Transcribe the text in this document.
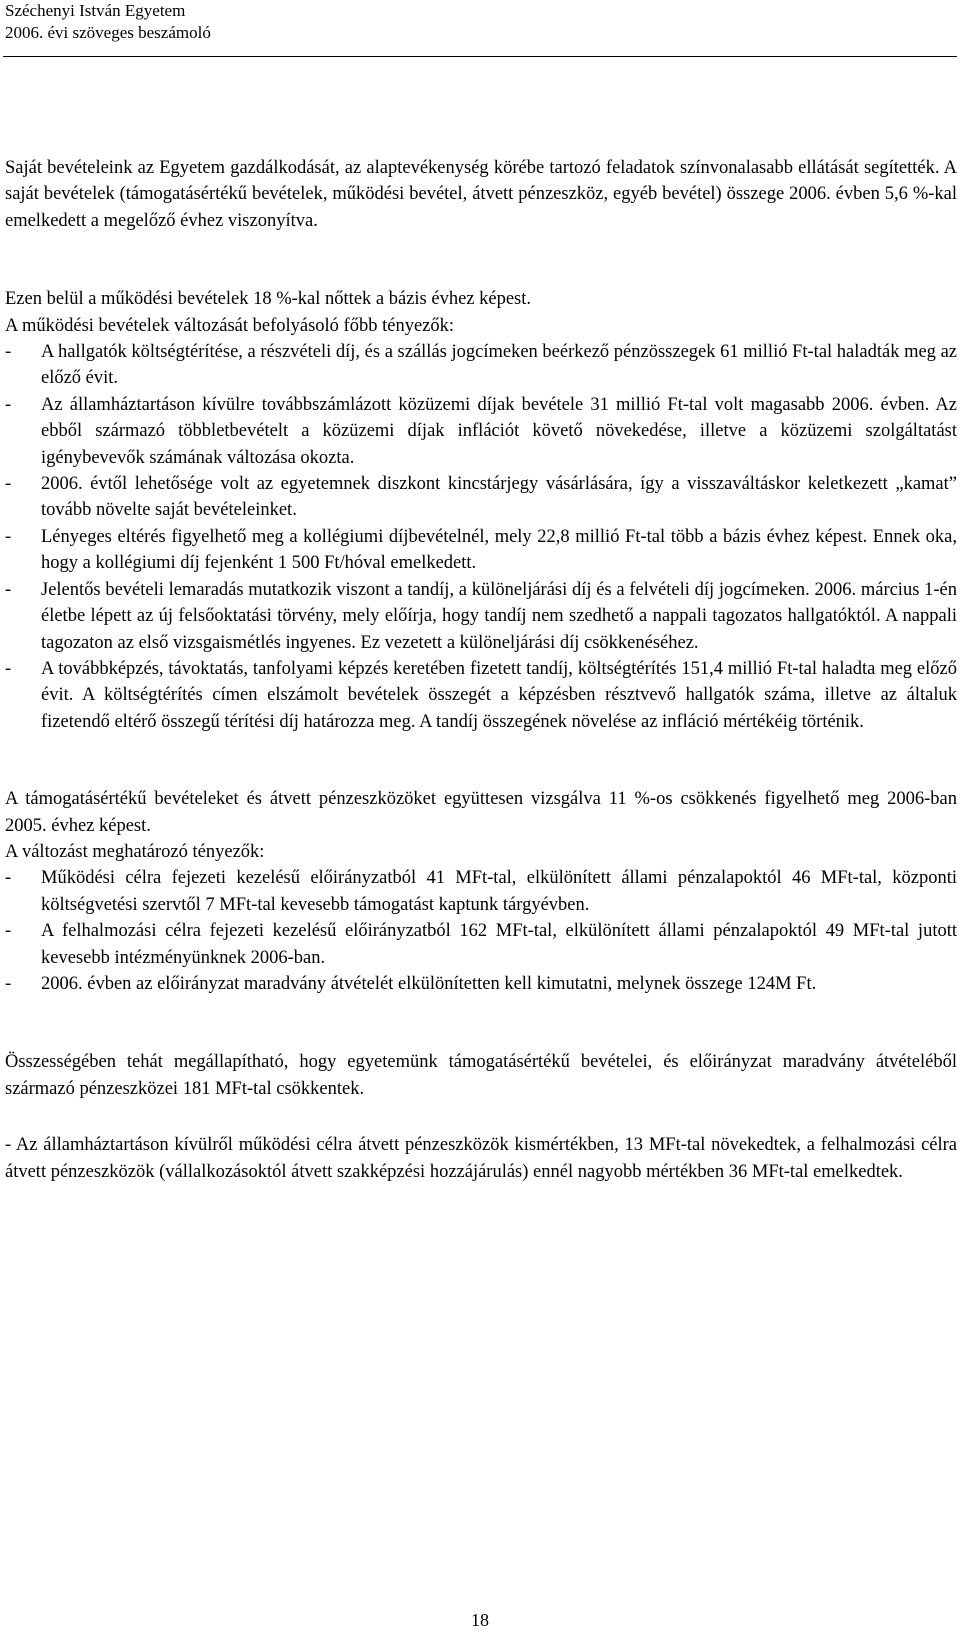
Széchenyi István Egyetem
2006. évi szöveges beszámoló

Saját bevételeink az Egyetem gazdálkodását, az alaptevékenység körébe tartozó feladatok színvonalasabb ellátását segítették. A saját bevételek (támogatásértékű bevételek, működési bevétel, átvett pénzeszköz, egyéb bevétel) összege 2006. évben 5,6 %-kal emelkedett a megelőző évhez viszonyítva.

Ezen belül a működési bevételek 18 %-kal nőttek a bázis évhez képest.

A működési bevételek változását befolyásoló főbb tényezők:

-	A hallgatók költségtérítése, a részvételi díj, és a szállás jogcímeken beérkező pénzösszegek 61 millió Ft-tal haladták meg az előző évit.
-	Az államháztartáson kívülre továbbszámlázott közüzemi díjak bevétele 31 millió Ft-tal volt magasabb 2006. évben. Az ebből származó többletbevételt a közüzemi díjak inflációt követő növekedése, illetve a közüzemi szolgáltatást igénybevevők számának változása okozta.
-	2006. évtől lehetősége volt az egyetemnek diszkont kincstárjegy vásárlására, így a visszaváltáskor keletkezett „kamat” tovább növelte saját bevételeinket.
-	Lényeges eltérés figyelhető meg a kollégiumi díjbevételnél, mely 22,8 millió Ft-tal több a bázis évhez képest. Ennek oka, hogy a kollégiumi díj fejenként 1 500 Ft/hóval emelkedett.
-	Jelentős bevételi lemaradás mutatkozik viszont a tandíj, a különeljárási díj és a felvételi díj jogcímeken. 2006. március 1-én életbe lépett az új felsőoktatási törvény, mely előírja, hogy tandíj nem szedhető a nappali tagozatos hallgatóktól. A nappali tagozaton az első vizsgaismétlés ingyenes. Ez vezetett a különeljárási díj csökkenéséhez.
-	A továbbképzés, távoktatás, tanfolyami képzés keretében fizetett tandíj, költségtérítés 151,4 millió Ft-tal haladta meg előző évit. A költségtérítés címen elszámolt bevételek összegét a képzésben résztvevő hallgatók száma, illetve az általuk fizetendő eltérő összegű térítési díj határozza meg. A tandíj összegének növelése az infláció mértékéig történik.

A támogatásértékű bevételeket és átvett pénzeszközöket együttesen vizsgálva 11 %-os csökkenés figyelhető meg 2006-ban 2005. évhez képest.

A változást meghatározó tényezők:

-	Működési célra fejezeti kezelésű előirányzatból 41 MFt-tal, elkülönített állami pénzalapoktól 46 MFt-tal, központi költségvetési szervtől 7 MFt-tal kevesebb támogatást kaptunk tárgyévben.
-	A felhalmozási célra fejezeti kezelésű előirányzatból 162 MFt-tal, elkülönített állami pénzalapoktól 49 MFt-tal jutott kevesebb intézményünknek 2006-ban.
-	2006. évben az előirányzat maradvány átvételét elkülönítetten kell kimutatni, melynek összege 124M Ft.

Összességében tehát megállapítható, hogy egyetemünk támogatásértékű bevételei, és előirányzat maradvány átvételéből származó pénzeszközei 181 MFt-tal csökkentek.

- Az államháztartáson kívülről működési célra átvett pénzeszközök kismértékben, 13 MFt-tal növekedtek, a felhalmozási célra átvett pénzeszközök (vállalkozásoktól átvett szakképzési hozzájárulás) ennél nagyobb mértékben 36 MFt-tal emelkedtek.

18
